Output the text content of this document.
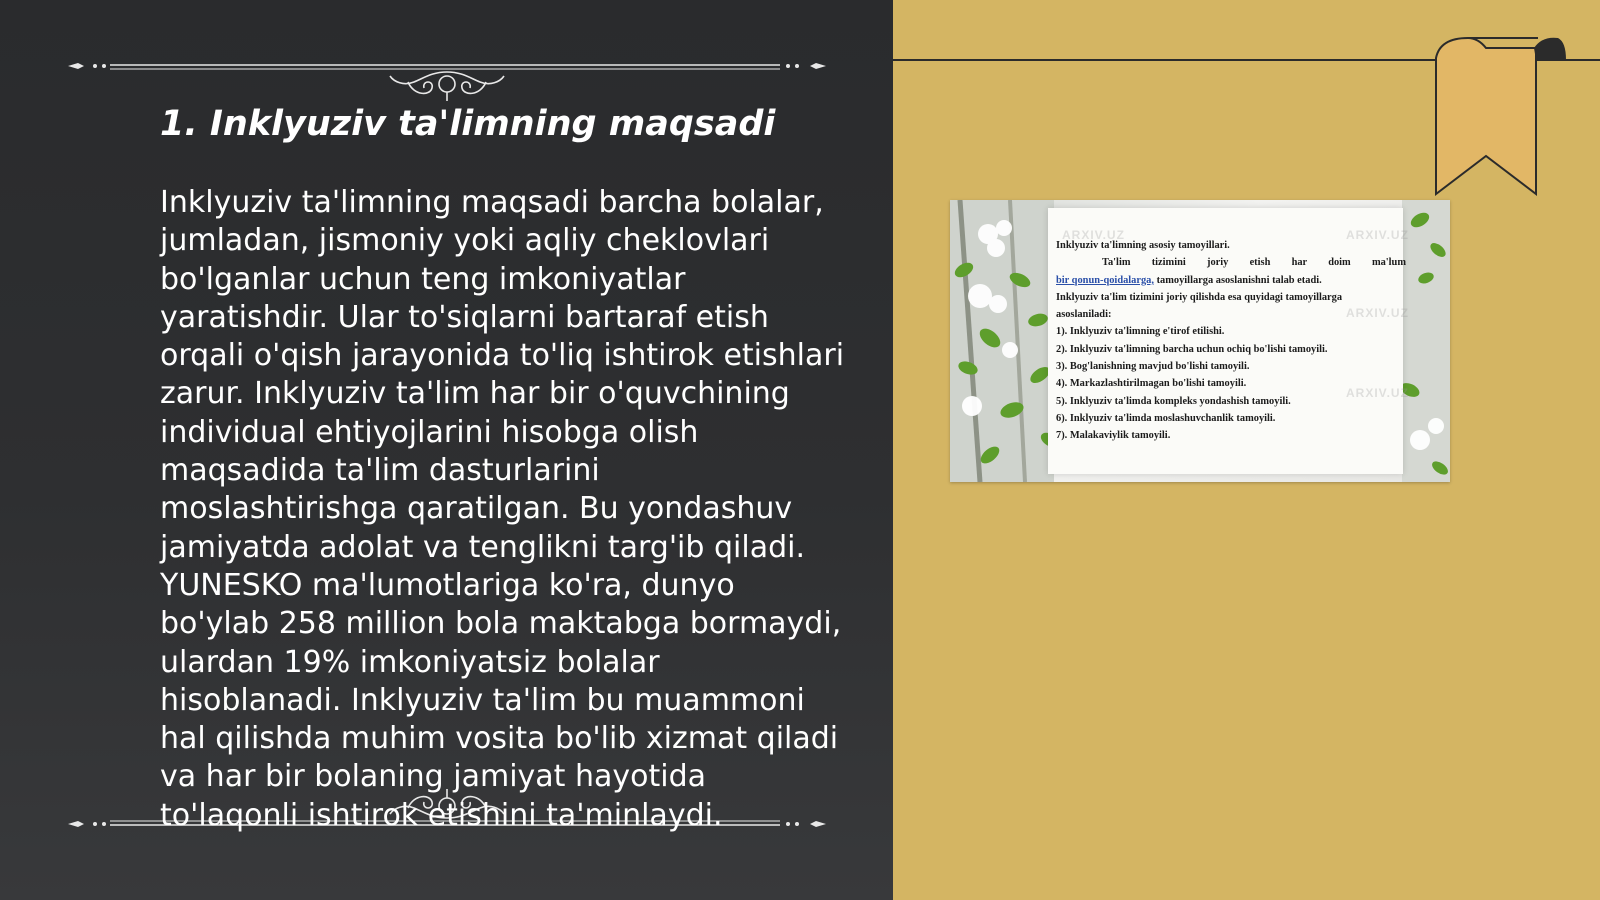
1. Inklyuziv ta'limning maqsadi

Inklyuziv ta'limning maqsadi barcha bolalar, jumladan, jismoniy yoki aqliy cheklovlari bo'lganlar uchun teng imkoniyatlar yaratishdir. Ular to'siqlarni bartaraf etish orqali o'qish jarayonida to'liq ishtirok etishlari zarur. Inklyuziv ta'lim har bir o'quvchining individual ehtiyojlarini hisobga olish maqsadida ta'lim dasturlarini moslashtirishga qaratilgan. Bu yondashuv jamiyatda adolat va tenglikni targ'ib qiladi. YUNESKO ma'lumotlariga ko'ra, dunyo bo'ylab 258 million bola maktabga bormaydi, ulardan 19% imkoniyatsiz bolalar hisoblanadi. Inklyuziv ta'lim bu muammoni hal qilishda muhim vosita bo'lib xizmat qiladi va har bir bolaning jamiyat hayotida to'laqonli ishtirok etishini ta'minlaydi.

ARXIV.UZ	ARXIV.UZ
ARXIV.UZ
ARXIV.UZ
Inklyuziv ta'limning asosiy tamoyillari.
Ta'lim tizimini joriy etish har doim ma'lum
bir qonun-qoidalarga, tamoyillarga asoslanishni talab etadi.
Inklyuziv ta'lim tizimini joriy qilishda esa quyidagi tamoyillarga
asoslaniladi:
1). Inklyuziv ta'limning e'tirof etilishi.
2). Inklyuziv ta'limning barcha uchun ochiq bo'lishi tamoyili.
3). Bog'lanishning mavjud bo'lishi tamoyili.
4). Markazlashtirilmagan bo'lishi tamoyili.
5). Inklyuziv ta'limda kompleks yondashish tamoyili.
6). Inklyuziv ta'limda moslashuvchanlik tamoyili.
7). Malakaviylik tamoyili.
